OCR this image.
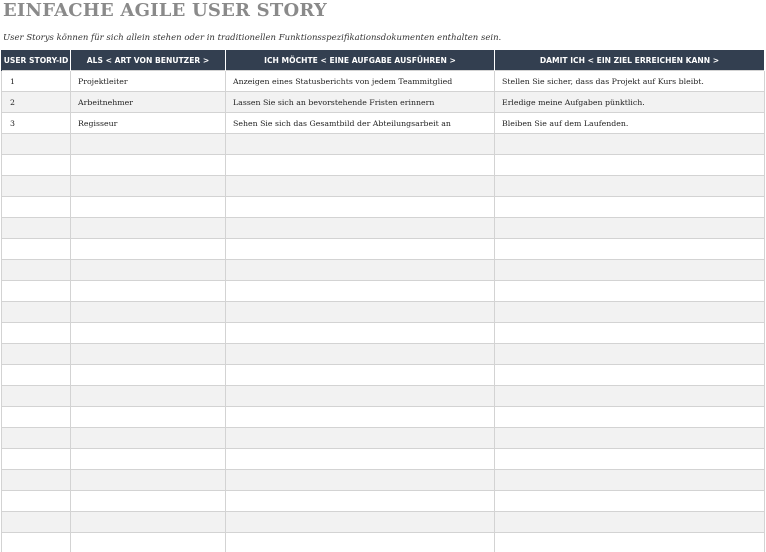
EINFACHE AGILE USER STORY
User Storys können für sich allein stehen oder in traditionellen Funktionsspezifikationsdokumenten enthalten sein.
USER STORY-ID	ALS < ART VON BENUTZER >	ICH MÖCHTE < EINE AUFGABE AUSFÜHREN >	DAMIT ICH < EIN ZIEL ERREICHEN KANN >
1	Projektleiter	Anzeigen eines Statusberichts von jedem Teammitglied	Stellen Sie sicher, dass das Projekt auf Kurs bleibt.
2	Arbeitnehmer	Lassen Sie sich an bevorstehende Fristen erinnern	Erledige meine Aufgaben pünktlich.
3	Regisseur	Sehen Sie sich das Gesamtbild der Abteilungsarbeit an	Bleiben Sie auf dem Laufenden.
